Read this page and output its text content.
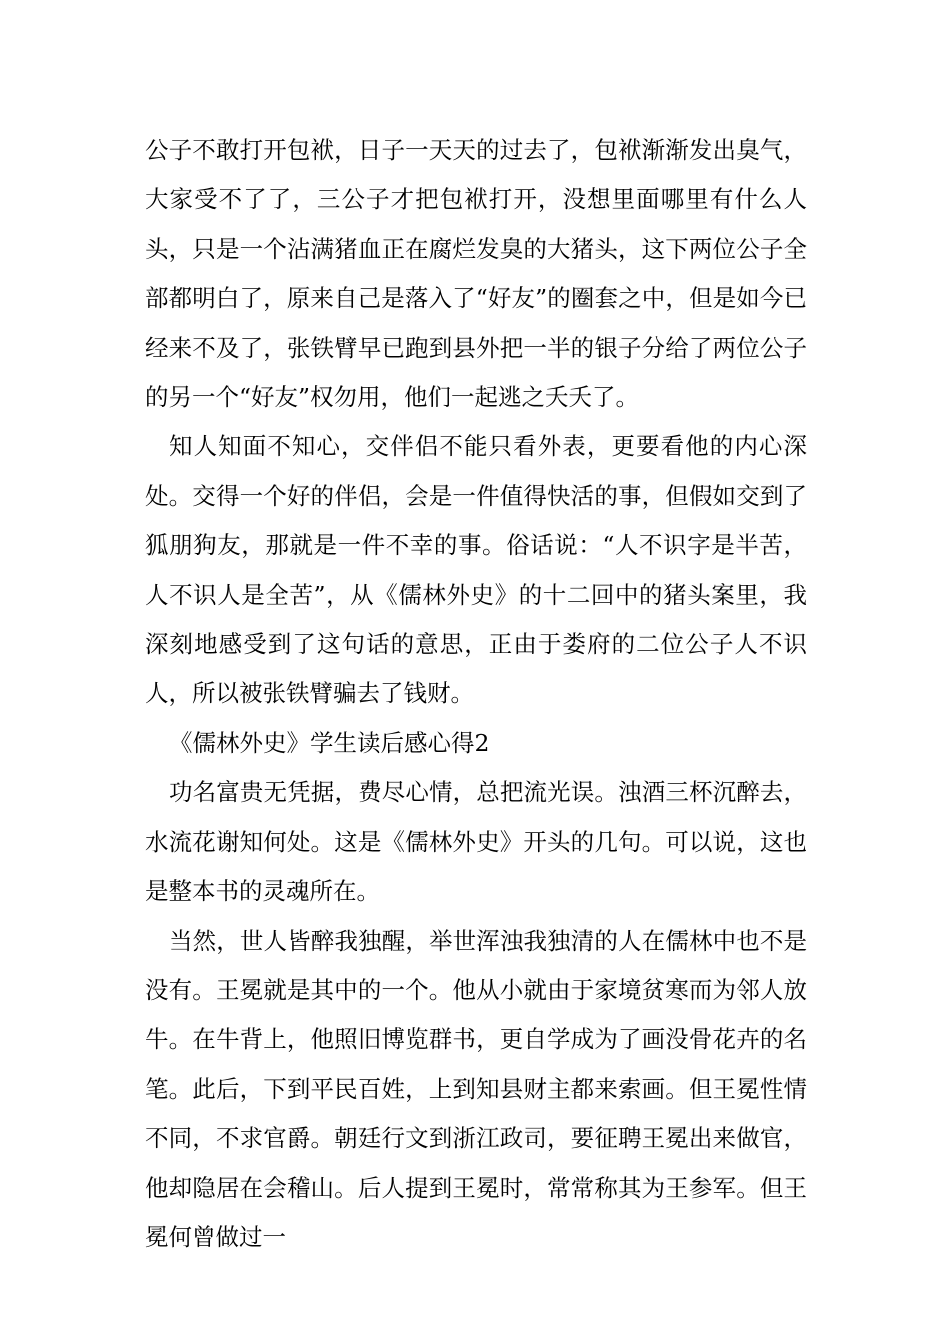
公子不敢打开包袱，日子一天天的过去了，包袱渐渐发出臭气，大家受不了了，三公子才把包袱打开，没想里面哪里有什么人头，只是一个沾满猪血正在腐烂发臭的大猪头，这下两位公子全部都明白了，原来自己是落入了“好友”的圈套之中，但是如今已经来不及了，张铁臂早已跑到县外把一半的银子分给了两位公子的另一个“好友”权勿用，他们一起逃之夭夭了。

知人知面不知心，交伴侣不能只看外表，更要看他的内心深处。交得一个好的伴侣，会是一件值得快活的事，但假如交到了狐朋狗友，那就是一件不幸的事。俗话说：“人不识字是半苦，人不识人是全苦”，从《儒林外史》的十二回中的猪头案里，我深刻地感受到了这句话的意思，正由于娄府的二位公子人不识人，所以被张铁臂骗去了钱财。

《儒林外史》学生读后感心得2

功名富贵无凭据，费尽心情，总把流光误。浊酒三杯沉醉去，水流花谢知何处。这是《儒林外史》开头的几句。可以说，这也是整本书的灵魂所在。

当然，世人皆醉我独醒，举世浑浊我独清的人在儒林中也不是没有。王冕就是其中的一个。他从小就由于家境贫寒而为邻人放牛。在牛背上，他照旧博览群书，更自学成为了画没骨花卉的名笔。此后，下到平民百姓，上到知县财主都来索画。但王冕性情不同，不求官爵。朝廷行文到浙江政司，要征聘王冕出来做官，他却隐居在会稽山。后人提到王冕时，常常称其为王参军。但王冕何曾做过一
